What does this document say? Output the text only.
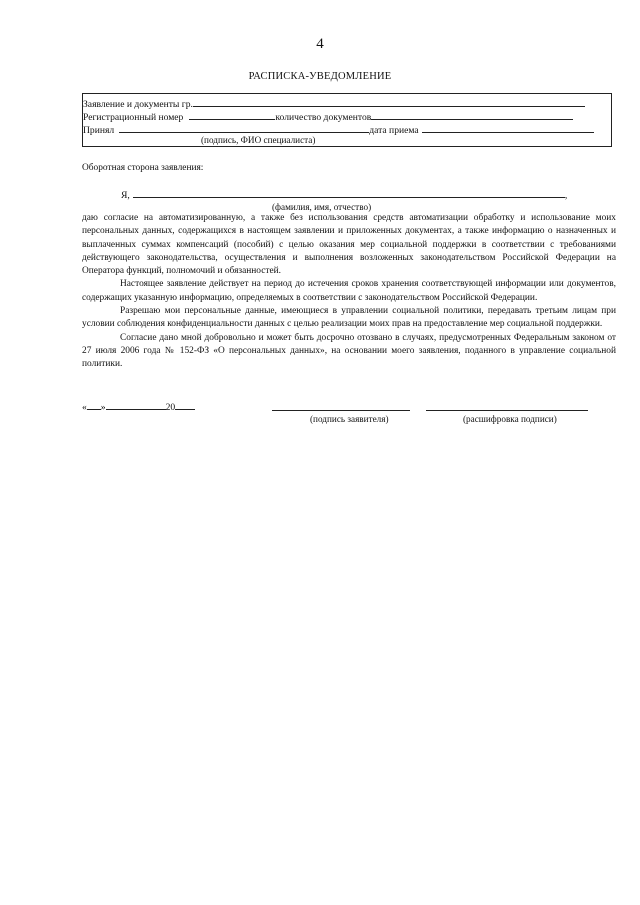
4
РАСПИСКА-УВЕДОМЛЕНИЕ
Заявление и документы гр.
Регистрационный номер	количество документов
Принял	дата приема
(подпись, ФИО специалиста)
Оборотная сторона заявления:
Я,	,
(фамилия, имя, отчество)

даю согласие на автоматизированную, а также без использования средств автоматизации обработку и использование моих персональных данных, содержащихся в настоящем заявлении и приложенных документах, а также информацию о назначенных и выплаченных суммах компенсаций (пособий) с целью оказания мер социальной поддержки в соответствии с требованиями действующего законодательства, осуществления и выполнения возложенных законодательством Российской Федерации на Оператора функций, полномочий и обязанностей.

Настоящее заявление действует на период до истечения сроков хранения соответствующей информации или документов, содержащих указанную информацию, определяемых в соответствии с законодательством Российской Федерации.

Разрешаю мои персональные данные, имеющиеся в управлении социальной политики, передавать третьим лицам при условии соблюдения конфиденциальности данных с целью реализации моих прав на предоставление мер социальной поддержки.

Согласие дано мной добровольно и может быть досрочно отозвано в случаях, предусмотренных Федеральным законом от 27 июля 2006 года № 152-ФЗ «О персональных данных», на основании моего заявления, поданного в управление социальной политики.

« »	20
(подпись заявителя)	(расшифровка подписи)
